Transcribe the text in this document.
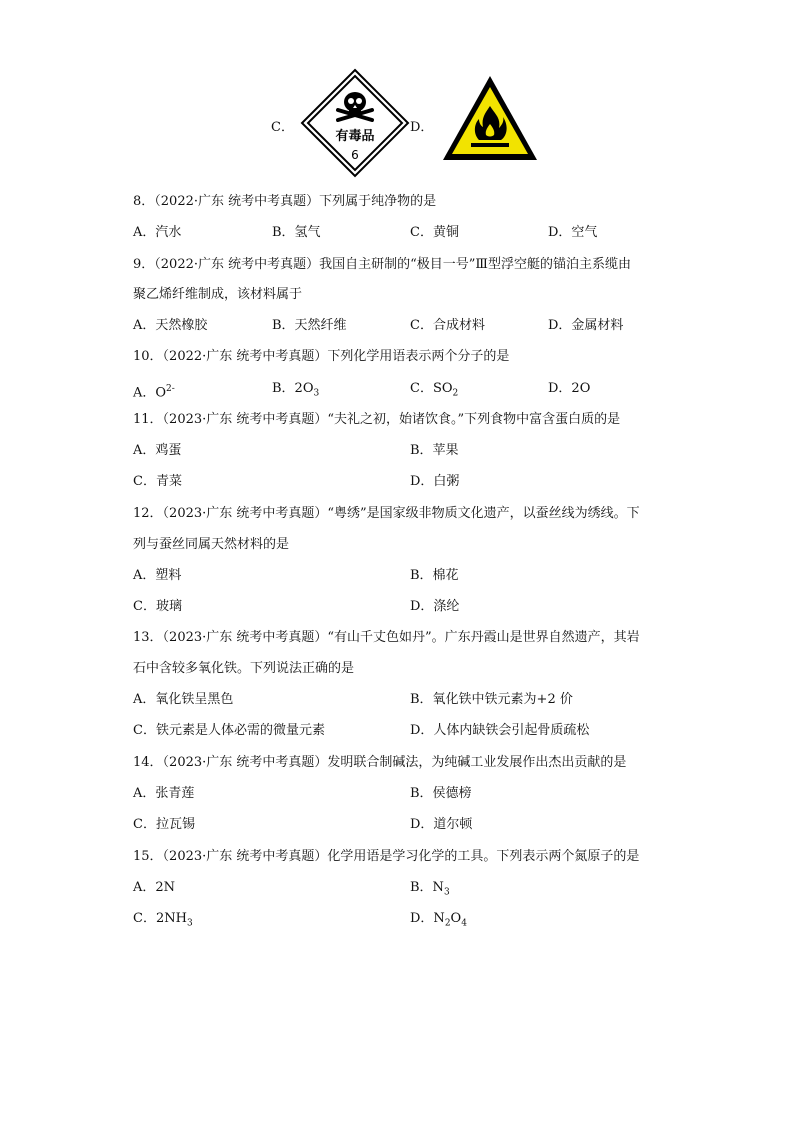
C．
有毒品
6
D．
8．（2022·广东 统考中考真题）下列属于纯净物的是
A．汽水	B．氢气	C．黄铜	D．空气
9．（2022·广东 统考中考真题）我国自主研制的“极目一号”Ⅲ型浮空艇的锚泊主系缆由
聚乙烯纤维制成，该材料属于
A．天然橡胶	B．天然纤维	C．合成材料	D．金属材料
10．（2022·广东 统考中考真题）下列化学用语表示两个分子的是
A．$O^{2-}$	B．$2O_3$	C．$SO_2$	D．2O
11．（2023·广东 统考中考真题）“夫礼之初，始诸饮食。”下列食物中富含蛋白质的是
A．鸡蛋	B．苹果
C．青菜	D．白粥
12．（2023·广东 统考中考真题）“粤绣”是国家级非物质文化遗产，以蚕丝线为绣线。下
列与蚕丝同属天然材料的是
A．塑料	B．棉花
C．玻璃	D．涤纶
13．（2023·广东 统考中考真题）“有山千丈色如丹”。广东丹霞山是世界自然遗产，其岩
石中含较多氧化铁。下列说法正确的是
A．氧化铁呈黑色	B．氧化铁中铁元素为+2 价
C．铁元素是人体必需的微量元素	D．人体内缺铁会引起骨质疏松
14．（2023·广东 统考中考真题）发明联合制碱法，为纯碱工业发展作出杰出贡献的是
A．张青莲	B．侯德榜
C．拉瓦锡	D．道尔顿
15．（2023·广东 统考中考真题）化学用语是学习化学的工具。下列表示两个氮原子的是
A．2N	B．$N_3$
C．$2NH_3$	D．$N_2O_4$
